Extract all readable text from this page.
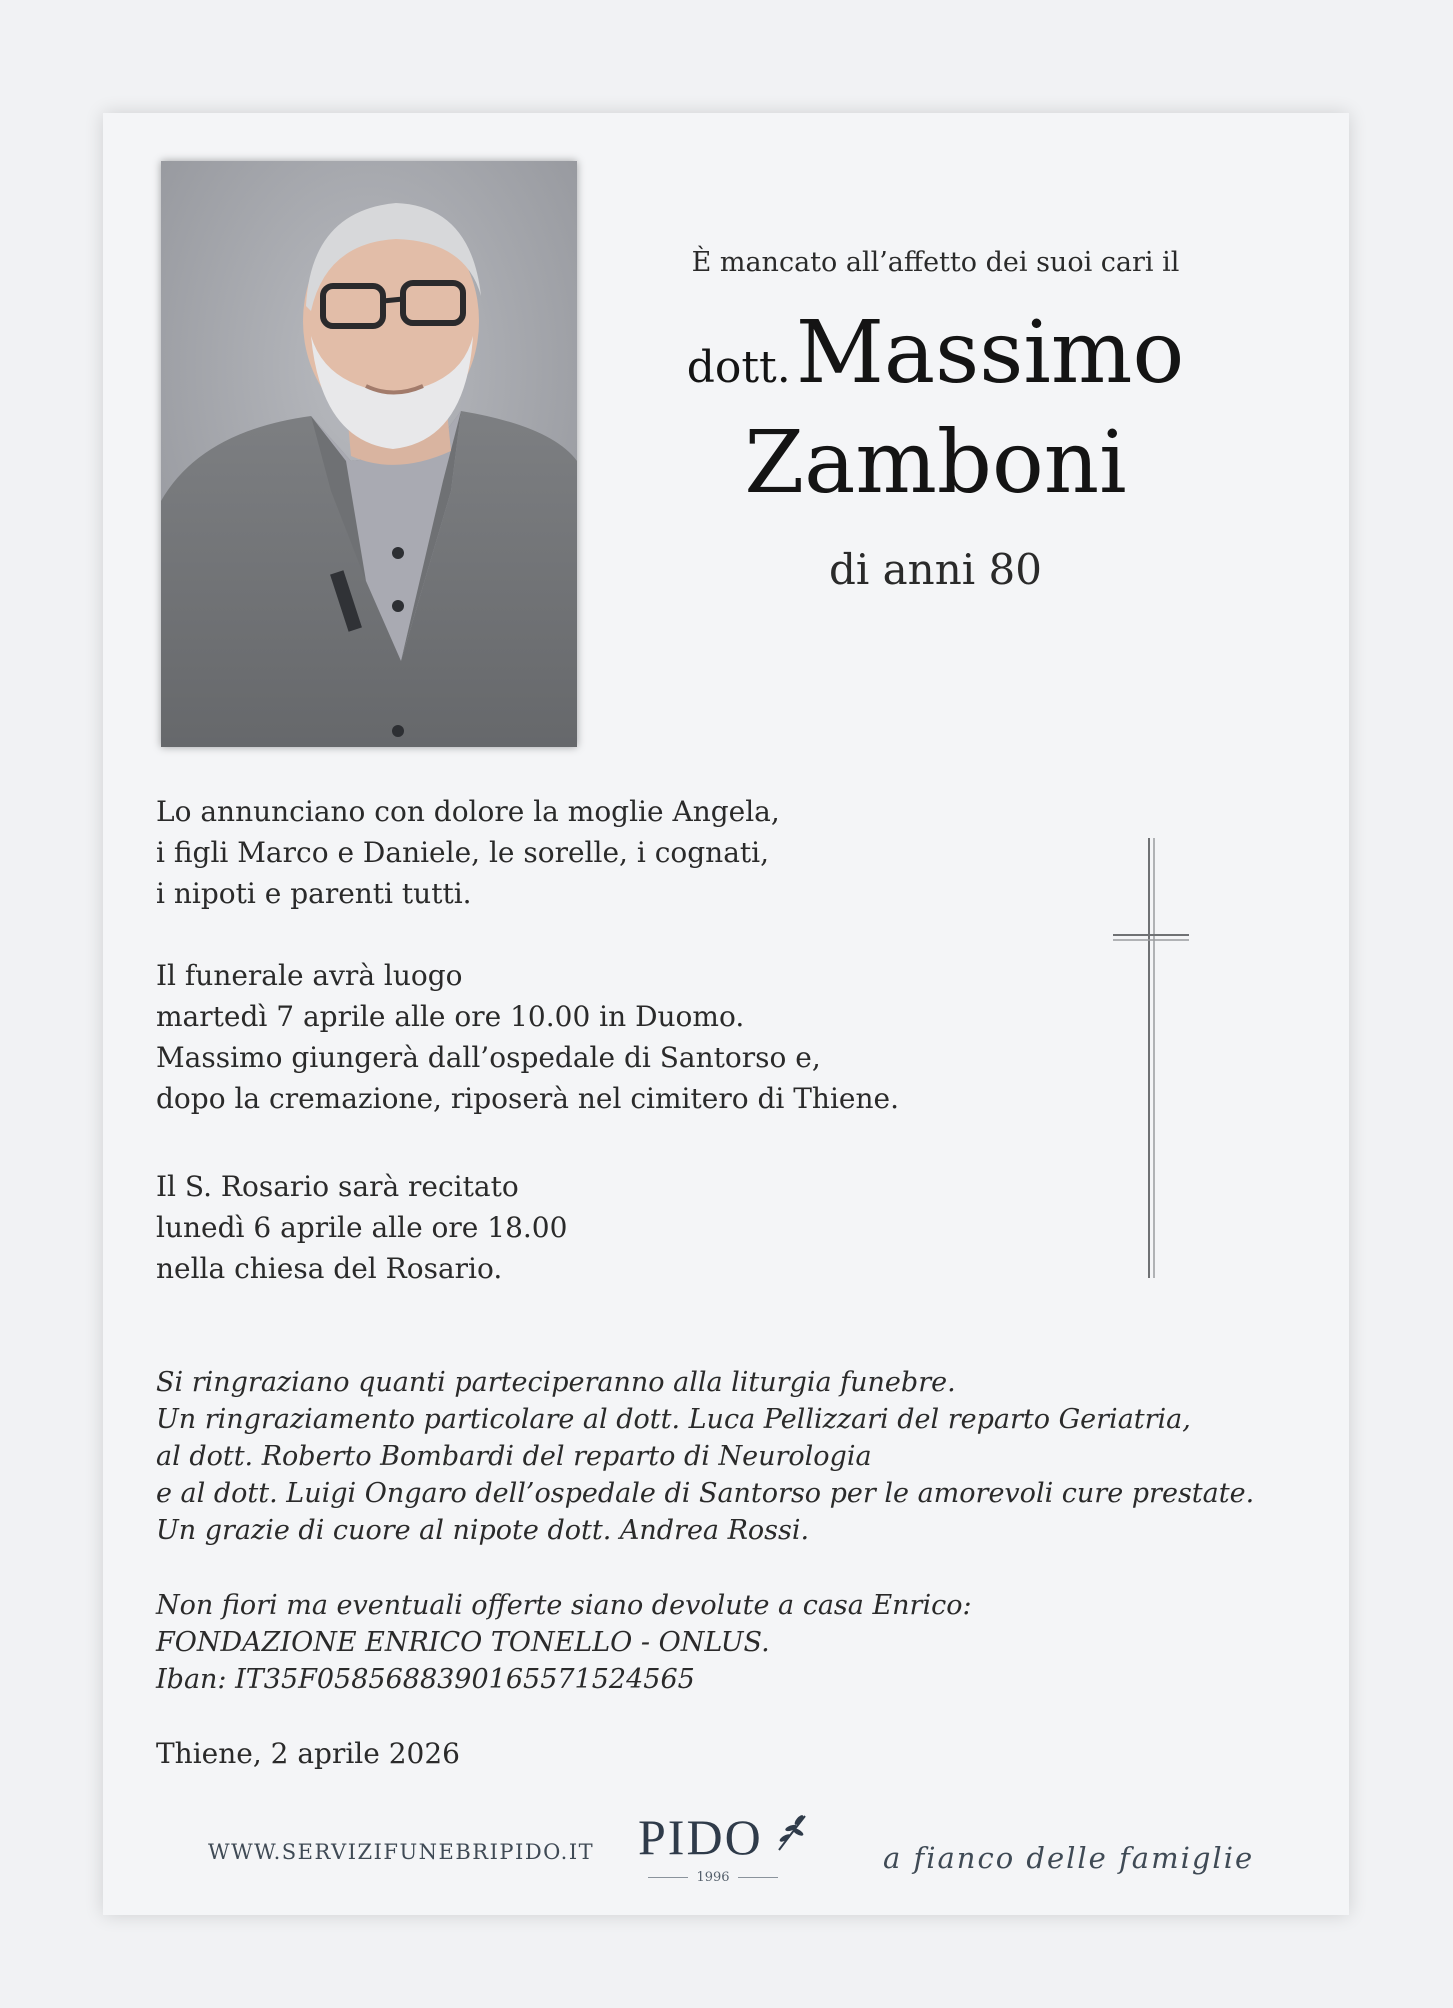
È mancato all’affetto dei suoi cari il
dott. Massimo
Zamboni
di anni 80
Lo annunciano con dolore la moglie Angela,
i figli Marco e Daniele, le sorelle, i cognati,
i nipoti e parenti tutti.
Il funerale avrà luogo
martedì 7 aprile alle ore 10.00 in Duomo.
Massimo giungerà dall’ospedale di Santorso e,
dopo la cremazione, riposerà nel cimitero di Thiene.
Il S. Rosario sarà recitato
lunedì 6 aprile alle ore 18.00
nella chiesa del Rosario.
Si ringraziano quanti parteciperanno alla liturgia funebre.
Un ringraziamento particolare al dott. Luca Pellizzari del reparto Geriatria,
al dott. Roberto Bombardi del reparto di Neurologia
e al dott. Luigi Ongaro dell’ospedale di Santorso per le amorevoli cure prestate.
Un grazie di cuore al nipote dott. Andrea Rossi.
Non fiori ma eventuali offerte siano devolute a casa Enrico:
FONDAZIONE ENRICO TONELLO - ONLUS.
Iban: IT35F0585688390165571524565
Thiene, 2 aprile 2026
WWW.SERVIZIFUNEBRIPIDO.IT PIDO
1996
a fianco delle famiglie
